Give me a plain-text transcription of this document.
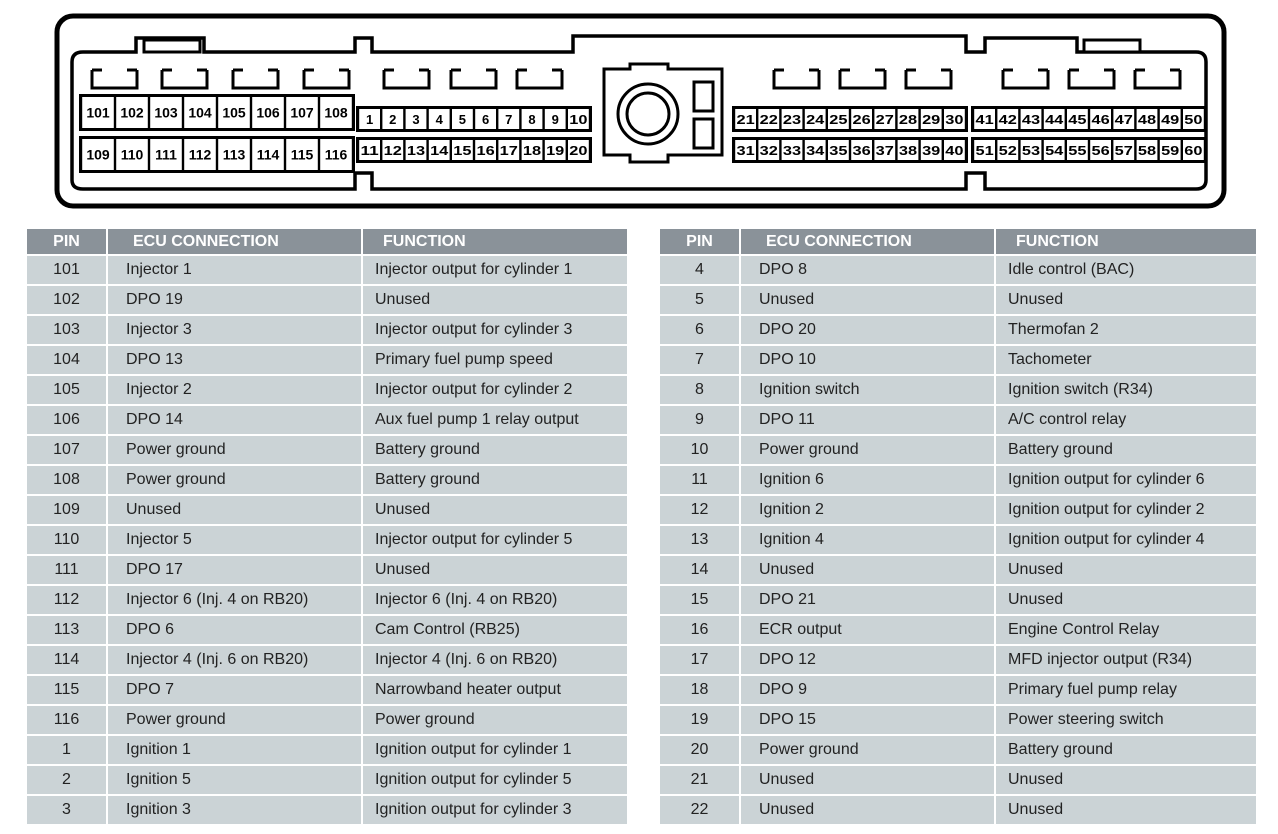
101 102 103 104 105 106 107 108
109 110 111 112 113 114 115 116
1 2 3 4 5 6 7 8 9 10
11 12 13 14 15 16 17 18 19 20
21 22 23 24 25 26 27 28 29 30
31 32 33 34 35 36 37 38 39 40
41 42 43 44 45 46 47 48 49 50
51 52 53 54 55 56 57 58 59 60
PIN	ECU CONNECTION	FUNCTION
101	Injector 1	Injector output for cylinder 1
102	DPO 19	Unused
103	Injector 3	Injector output for cylinder 3
104	DPO 13	Primary fuel pump speed
105	Injector 2	Injector output for cylinder 2
106	DPO 14	Aux fuel pump 1 relay output
107	Power ground	Battery ground
108	Power ground	Battery ground
109	Unused	Unused
110	Injector 5	Injector output for cylinder 5
111	DPO 17	Unused
112	Injector 6 (Inj. 4 on RB20)	Injector 6 (Inj. 4 on RB20)
113	DPO 6	Cam Control (RB25)
114	Injector 4 (Inj. 6 on RB20)	Injector 4 (Inj. 6 on RB20)
115	DPO 7	Narrowband heater output
116	Power ground	Power ground
1	Ignition 1	Ignition output for cylinder 1
2	Ignition 5	Ignition output for cylinder 5
3	Ignition 3	Ignition output for cylinder 3
PIN	ECU CONNECTION	FUNCTION
4	DPO 8	Idle control (BAC)
5	Unused	Unused
6	DPO 20	Thermofan 2
7	DPO 10	Tachometer
8	Ignition switch	Ignition switch (R34)
9	DPO 11	A/C control relay
10	Power ground	Battery ground
11	Ignition 6	Ignition output for cylinder 6
12	Ignition 2	Ignition output for cylinder 2
13	Ignition 4	Ignition output for cylinder 4
14	Unused	Unused
15	DPO 21	Unused
16	ECR output	Engine Control Relay
17	DPO 12	MFD injector output (R34)
18	DPO 9	Primary fuel pump relay
19	DPO 15	Power steering switch
20	Power ground	Battery ground
21	Unused	Unused
22	Unused	Unused
